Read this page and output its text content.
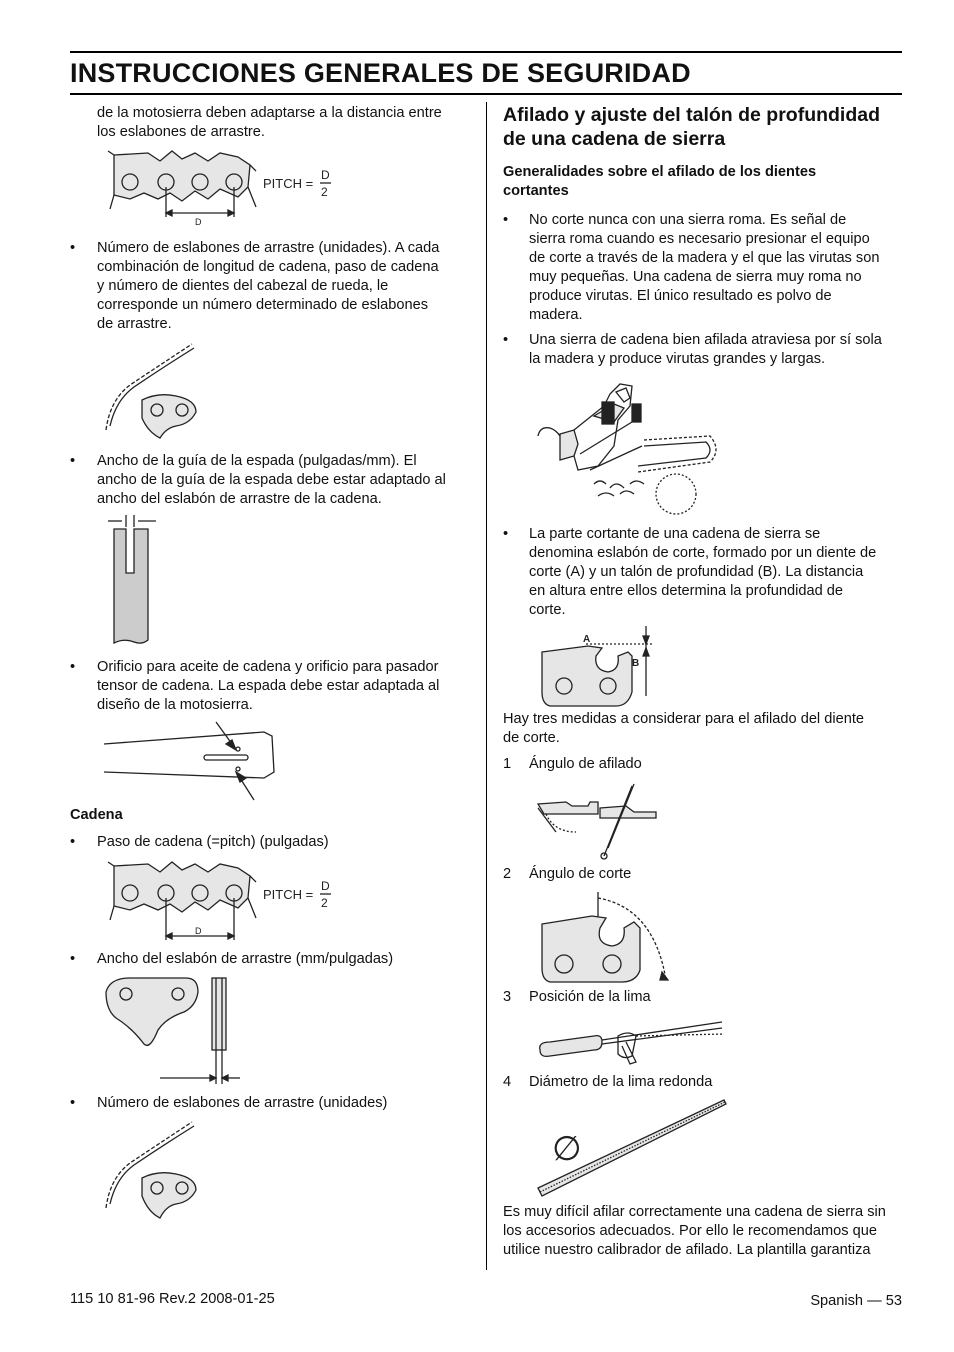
INSTRUCCIONES GENERALES DE SEGURIDAD
de la motosierra deben adaptarse a la distancia entre
los eslabones de arrastre.
D
PITCH =
D
2
• Número de eslabones de arrastre (unidades). A cada
combinación de longitud de cadena, paso de cadena
y número de dientes del cabezal de rueda, le
corresponde un número determinado de eslabones
de arrastre.
• Ancho de la guía de la espada (pulgadas/mm). El
ancho de la guía de la espada debe estar adaptado al
ancho del eslabón de arrastre de la cadena.
• Orificio para aceite de cadena y orificio para pasador
tensor de cadena. La espada debe estar adaptada al
diseño de la motosierra.
Cadena
• Paso de cadena (=pitch) (pulgadas)
D
PITCH =
D
2
• Ancho del eslabón de arrastre (mm/pulgadas)
• Número de eslabones de arrastre (unidades)
Afilado y ajuste del talón de profundidad
de una cadena de sierra
Generalidades sobre el afilado de los dientes
cortantes
• No corte nunca con una sierra roma. Es señal de
sierra roma cuando es necesario presionar el equipo
de corte a través de la madera y el que las virutas son
muy pequeñas. Una cadena de sierra muy roma no
produce virutas. El único resultado es polvo de
madera.
• Una sierra de cadena bien afilada atraviesa por sí sola
la madera y produce virutas grandes y largas.
• La parte cortante de una cadena de sierra se
denomina eslabón de corte, formado por un diente de
corte (A) y un talón de profundidad (B). La distancia
en altura entre ellos determina la profundidad de
corte.
A
B
Hay tres medidas a considerar para el afilado del diente
de corte.
1 Ángulo de afilado
2 Ángulo de corte
3 Posición de la lima
4 Diámetro de la lima redonda
∅
Es muy difícil afilar correctamente una cadena de sierra sin
los accesorios adecuados. Por ello le recomendamos que
utilice nuestro calibrador de afilado. La plantilla garantiza
115 10 81-96 Rev.2 2008-01-25	Spanish — 53
